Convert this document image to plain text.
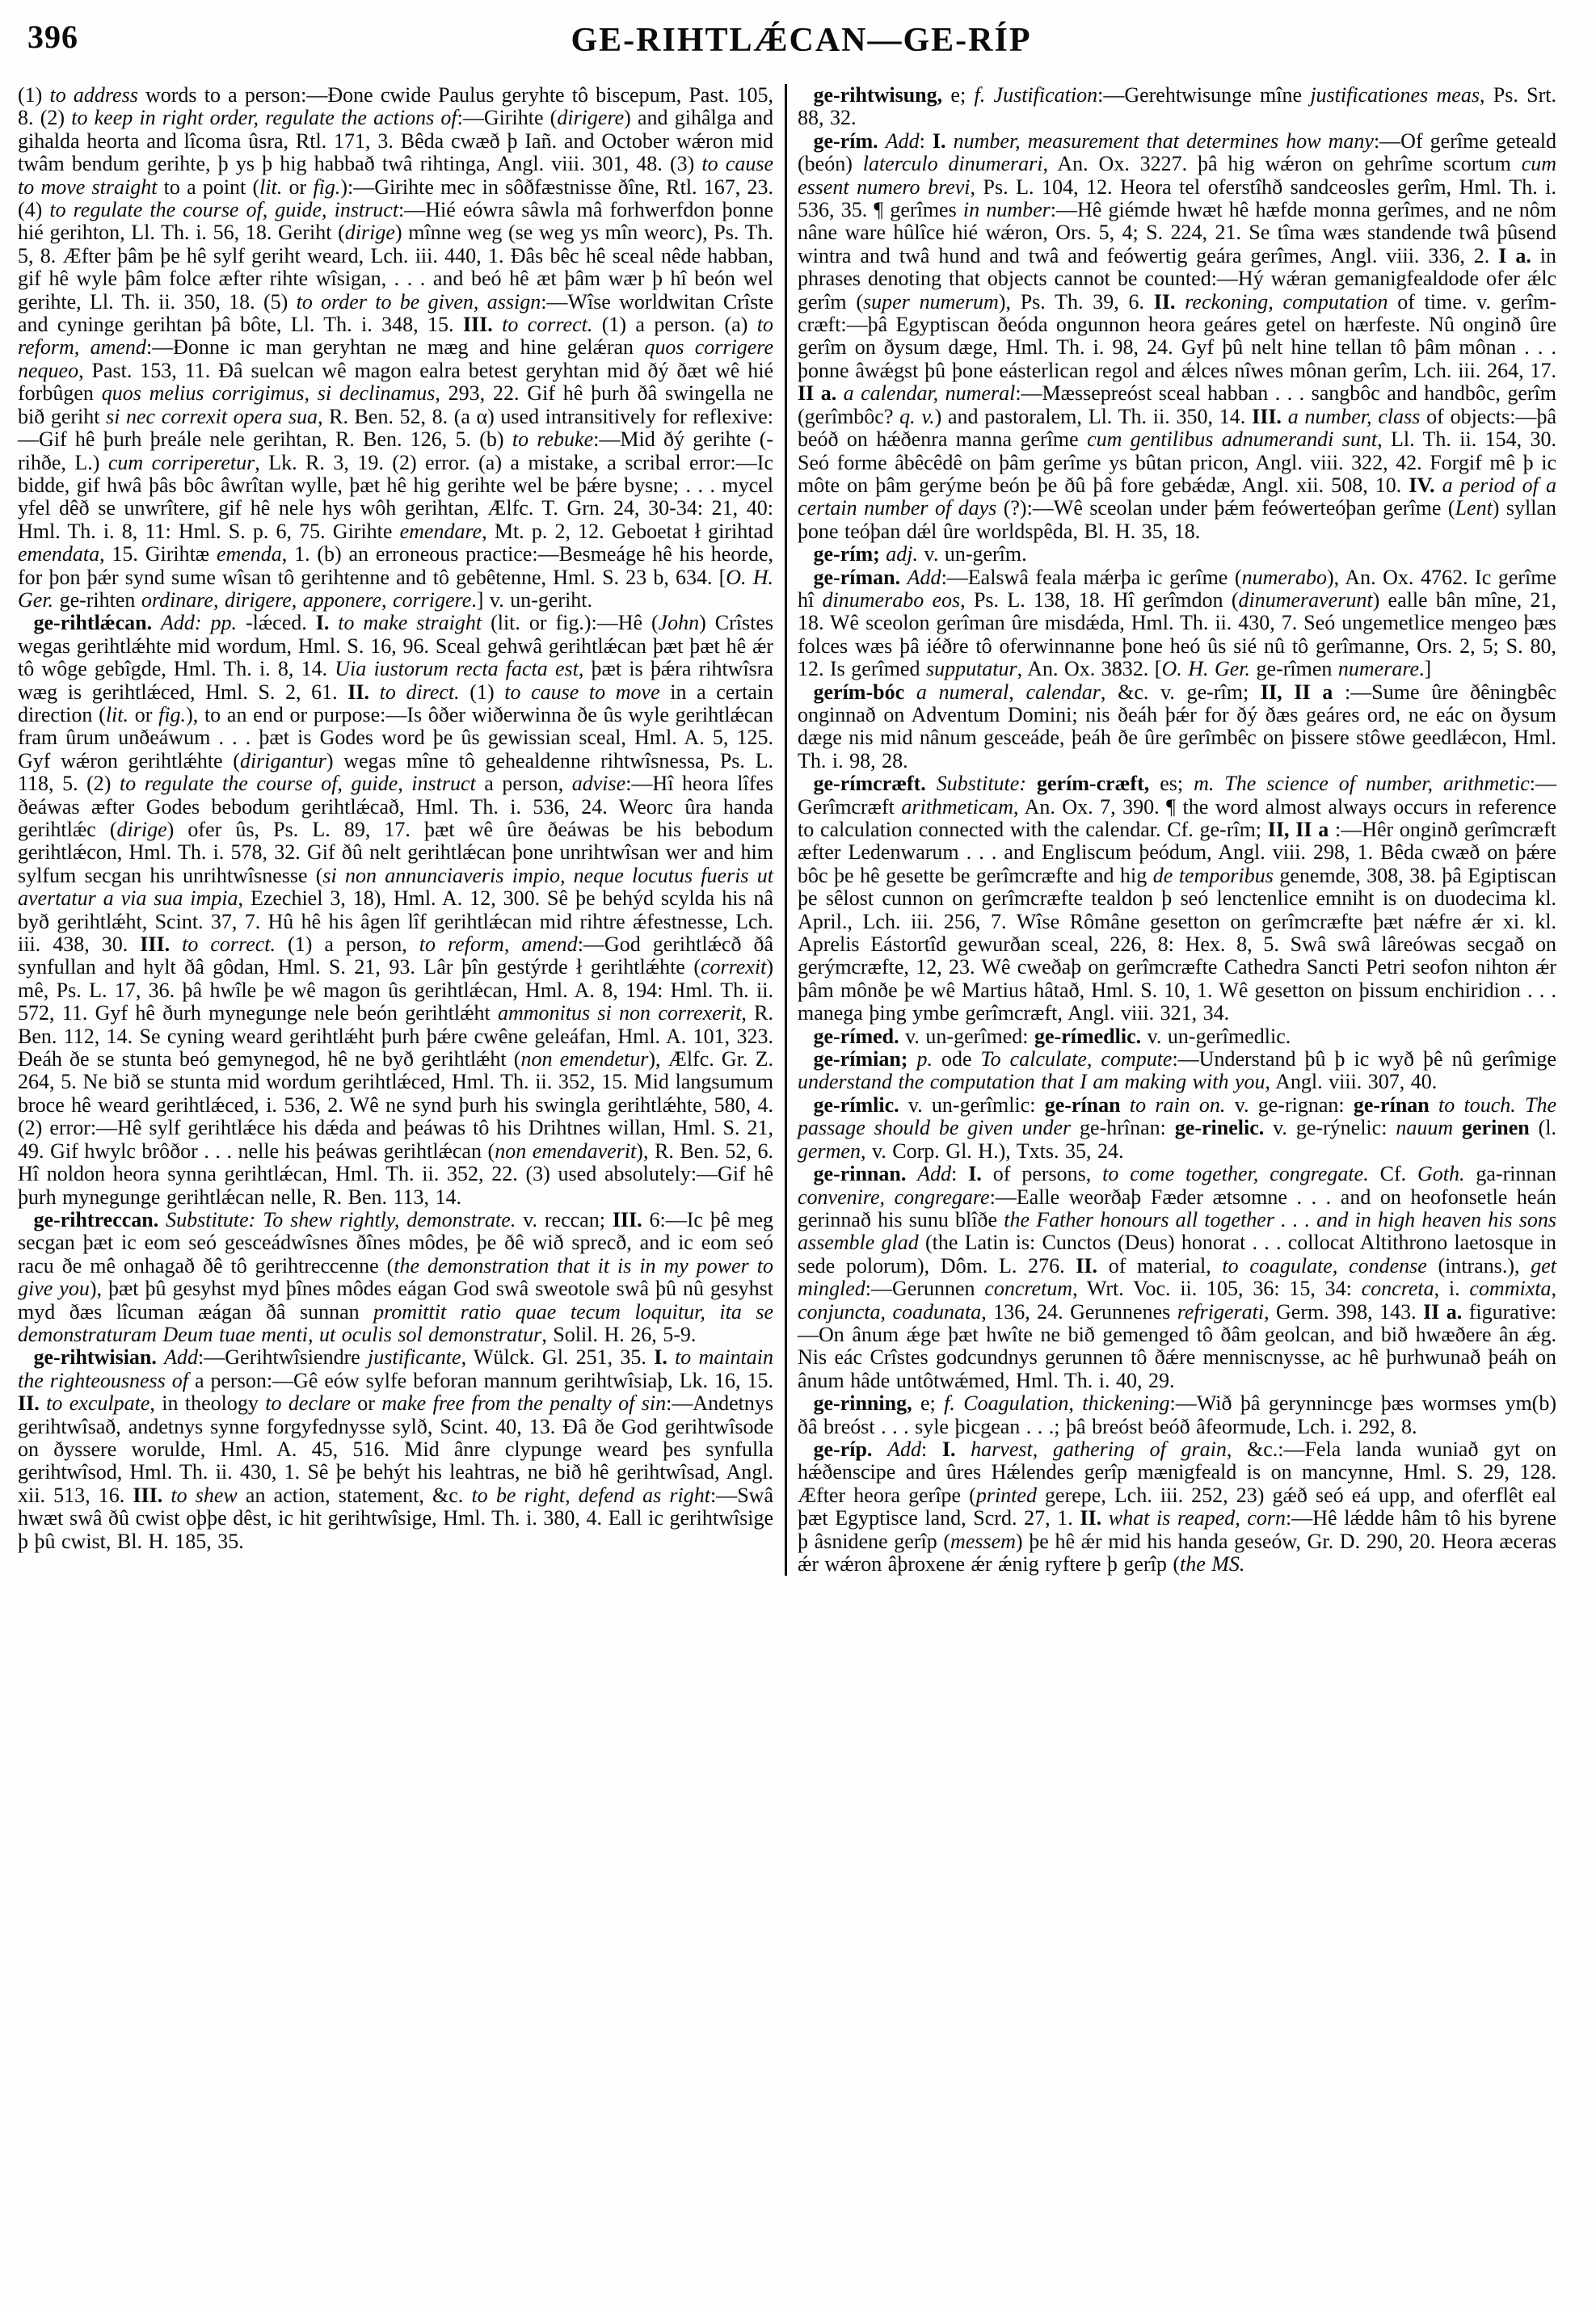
396	GE-RIHTLǼCAN—GE-RÍP

(1) to address words to a person:—Ðone cwide Paulus geryhte tô biscepum, Past. 105, 8. (2) to keep in right order, regulate the actions of:—Girihte (dirigere) and gihâlga and gihalda heorta and lîcoma ûsra, Rtl. 171, 3. Bêda cwæð þ Iañ. and October wǽron mid twâm bendum gerihte, þ ys þ hig habbað twâ rihtinga, Angl. viii. 301, 48. (3) to cause to move straight to a point (lit. or fig.):—Girihte mec in sôðfæstnisse ðîne, Rtl. 167, 23. (4) to regulate the course of, guide, instruct:—Hié eówra sâwla mâ forhwerfdon þonne hié gerihton, Ll. Th. i. 56, 18. Geriht (dirige) mînne weg (se weg ys mîn weorc), Ps. Th. 5, 8. Æfter þâm þe hê sylf geriht weard, Lch. iii. 440, 1. Ðâs bêc hê sceal nêde habban, gif hê wyle þâm folce æfter rihte wîsigan, . . . and beó hê æt þâm wær þ hî beón wel gerihte, Ll. Th. ii. 350, 18. (5) to order to be given, assign:—Wîse worldwitan Crîste and cyninge gerihtan þâ bôte, Ll. Th. i. 348, 15. III. to correct. (1) a person. (a) to reform, amend:—Ðonne ic man geryhtan ne mæg and hine gelǽran quos corrigere nequeo, Past. 153, 11. Ðâ suelcan wê magon ealra betest geryhtan mid ðý ðæt wê hié forbûgen quos melius corrigimus, si declinamus, 293, 22. Gif hê þurh ðâ swingella ne bið geriht si nec correxit opera sua, R. Ben. 52, 8. (a α) used intransitively for reflexive:—Gif hê þurh þreále nele gerihtan, R. Ben. 126, 5. (b) to rebuke:—Mid ðý gerihte (-rihðe, L.) cum corriperetur, Lk. R. 3, 19. (2) error. (a) a mistake, a scribal error:—Ic bidde, gif hwâ þâs bôc âwrîtan wylle, þæt hê hig gerihte wel be þǽre bysne; . . . mycel yfel dêð se unwrîtere, gif hê nele hys wôh gerihtan, Ælfc. T. Grn. 24, 30-34: 21, 40: Hml. Th. i. 8, 11: Hml. S. p. 6, 75. Girihte emendare, Mt. p. 2, 12. Geboetat ł girihtad emendata, 15. Girihtæ emenda, 1. (b) an erroneous practice:—Besmeáge hê his heorde, for þon þǽr synd sume wîsan tô gerihtenne and tô gebêtenne, Hml. S. 23 b, 634. [O. H. Ger. ge-rihten ordinare, dirigere, apponere, corrigere.] v. un-geriht.

ge-rihtlǽcan. Add: pp. -lǽced. I. to make straight (lit. or fig.):—Hê (John) Crîstes wegas gerihtlǽhte mid wordum, Hml. S. 16, 96. Sceal gehwâ gerihtlǽcan þæt þæt hê ǽr tô wôge gebîgde, Hml. Th. i. 8, 14. Uia iustorum recta facta est, þæt is þǽra rihtwîsra wæg is gerihtlǽced, Hml. S. 2, 61. II. to direct. (1) to cause to move in a certain direction (lit. or fig.), to an end or purpose:—Is ôðer wiðerwinna ðe ûs wyle gerihtlǽcan fram ûrum unðeáwum . . . þæt is Godes word þe ûs gewissian sceal, Hml. A. 5, 125. Gyf wǽron gerihtlǽhte (dirigantur) wegas mîne tô gehealdenne rihtwîsnessa, Ps. L. 118, 5. (2) to regulate the course of, guide, instruct a person, advise:—Hî heora lîfes ðeáwas æfter Godes bebodum gerihtlǽcað, Hml. Th. i. 536, 24. Weorc ûra handa gerihtlǽc (dirige) ofer ûs, Ps. L. 89, 17. þæt wê ûre ðeáwas be his bebodum gerihtlǽcon, Hml. Th. i. 578, 32. Gif ðû nelt gerihtlǽcan þone unrihtwîsan wer and him sylfum secgan his unrihtwîsnesse (si non annunciaveris impio, neque locutus fueris ut avertatur a via sua impia, Ezechiel 3, 18), Hml. A. 12, 300. Sê þe behýd scylda his nâ byð gerihtlǽht, Scint. 37, 7. Hû hê his âgen lîf gerihtlǽcan mid rihtre ǽfestnesse, Lch. iii. 438, 30. III. to correct. (1) a person, to reform, amend:—God gerihtlǽcð ðâ synfullan and hylt ðâ gôdan, Hml. S. 21, 93. Lâr þîn gestýrde ł gerihtlǽhte (correxit) mê, Ps. L. 17, 36. þâ hwîle þe wê magon ûs gerihtlǽcan, Hml. A. 8, 194: Hml. Th. ii. 572, 11. Gyf hê ðurh mynegunge nele beón gerihtlǽht ammonitus si non correxerit, R. Ben. 112, 14. Se cyning weard gerihtlǽht þurh þǽre cwêne geleáfan, Hml. A. 101, 323. Ðeáh ðe se stunta beó gemynegod, hê ne byð gerihtlǽht (non emendetur), Ælfc. Gr. Z. 264, 5. Ne bið se stunta mid wordum gerihtlǽced, Hml. Th. ii. 352, 15. Mid langsumum broce hê weard gerihtlǽced, i. 536, 2. Wê ne synd þurh his swingla gerihtlǽhte, 580, 4. (2) error:—Hê sylf gerihtlǽce his dǽda and þeáwas tô his Drihtnes willan, Hml. S. 21, 49. Gif hwylc brôðor . . . nelle his þeáwas gerihtlǽcan (non emendaverit), R. Ben. 52, 6. Hî noldon heora synna gerihtlǽcan, Hml. Th. ii. 352, 22. (3) used absolutely:—Gif hê þurh mynegunge gerihtlǽcan nelle, R. Ben. 113, 14.

ge-rihtreccan. Substitute: To shew rightly, demonstrate. v. reccan; III. 6:—Ic þê meg secgan þæt ic eom seó gesceádwîsnes ðînes môdes, þe ðê wið sprecð, and ic eom seó racu ðe mê onhagað ðê tô gerihtreccenne (the demonstration that it is in my power to give you), þæt þû gesyhst myd þînes môdes eágan God swâ sweotole swâ þû nû gesyhst myd ðæs lîcuman æágan ðâ sunnan promittit ratio quae tecum loquitur, ita se demonstraturam Deum tuae menti, ut oculis sol demonstratur, Solil. H. 26, 5-9.

ge-rihtwisian. Add:—Gerihtwîsiendre justificante, Wülck. Gl. 251, 35. I. to maintain the righteousness of a person:—Gê eów sylfe beforan mannum gerihtwîsiaþ, Lk. 16, 15. II. to exculpate, in theology to declare or make free from the penalty of sin:—Andetnys gerihtwîsað, andetnys synne forgyfednysse sylð, Scint. 40, 13. Ðâ ðe God gerihtwîsode on ðyssere worulde, Hml. A. 45, 516. Mid ânre clypunge weard þes synfulla gerihtwîsod, Hml. Th. ii. 430, 1. Sê þe behýt his leahtras, ne bið hê gerihtwîsad, Angl. xii. 513, 16. III. to shew an action, statement, &c. to be right, defend as right:—Swâ hwæt swâ ðû cwist oþþe dêst, ic hit gerihtwîsige, Hml. Th. i. 380, 4. Eall ic gerihtwîsige þ þû cwist, Bl. H. 185, 35.

ge-rihtwisung, e; f. Justification:—Gerehtwisunge mîne justificationes meas, Ps. Srt. 88, 32.

ge-rím. Add: I. number, measurement that determines how many:—Of gerîme geteald (beón) laterculo dinumerari, An. Ox. 3227. þâ hig wǽron on gehrîme scortum cum essent numero brevi, Ps. L. 104, 12. Heora tel oferstîhð sandceosles gerîm, Hml. Th. i. 536, 35. ¶ gerîmes in number:—Hê giémde hwæt hê hæfde monna gerîmes, and ne nôm nâne ware hûlîce hié wǽron, Ors. 5, 4; S. 224, 21. Se tîma wæs standende twâ þûsend wintra and twâ hund and twâ and feówertig geára gerîmes, Angl. viii. 336, 2. I a. in phrases denoting that objects cannot be counted:—Hý wǽran gemanigfealdode ofer ǽlc gerîm (super numerum), Ps. Th. 39, 6. II. reckoning, computation of time. v. gerîm-cræft:—þâ Egyptiscan ðeóda ongunnon heora geáres getel on hærfeste. Nû onginð ûre gerîm on ðysum dæge, Hml. Th. i. 98, 24. Gyf þû nelt hine tellan tô þâm mônan . . . þonne âwǽgst þû þone eásterlican regol and ǽlces nîwes mônan gerîm, Lch. iii. 264, 17. II a. a calendar, numeral:—Mæssepreóst sceal habban . . . sangbôc and handbôc, gerîm (gerîmbôc? q. v.) and pastoralem, Ll. Th. ii. 350, 14. III. a number, class of objects:—þâ beóð on hǽðenra manna gerîme cum gentilibus adnumerandi sunt, Ll. Th. ii. 154, 30. Seó forme âbêcêdê on þâm gerîme ys bûtan pricon, Angl. viii. 322, 42. Forgif mê þ ic môte on þâm gerýme beón þe ðû þâ fore gebǽdæ, Angl. xii. 508, 10. IV. a period of a certain number of days (?):—Wê sceolan under þǽm feówerteóþan gerîme (Lent) syllan þone teóþan dǽl ûre worldspêda, Bl. H. 35, 18.

ge-rím; adj. v. un-gerîm.

ge-ríman. Add:—Ealswâ feala mǽrþa ic gerîme (numerabo), An. Ox. 4762. Ic gerîme hî dinumerabo eos, Ps. L. 138, 18. Hî gerîmdon (dinumeraverunt) ealle bân mîne, 21, 18. Wê sceolon gerîman ûre misdǽda, Hml. Th. ii. 430, 7. Seó ungemetlice mengeo þæs folces wæs þâ iéðre tô oferwinnanne þone heó ûs sié nû tô gerîmanne, Ors. 2, 5; S. 80, 12. Is gerîmed supputatur, An. Ox. 3832. [O. H. Ger. ge-rîmen numerare.]

gerím-bóc a numeral, calendar, &c. v. ge-rîm; II, II a :—Sume ûre ðêningbêc onginnað on Adventum Domini; nis ðeáh þǽr for ðý ðæs geáres ord, ne eác on ðysum dæge nis mid nânum gesceáde, þeáh ðe ûre gerîmbêc on þissere stôwe geedlǽcon, Hml. Th. i. 98, 28.

ge-rímcræft. Substitute: gerím-cræft, es; m. The science of number, arithmetic:—Gerîmcræft arithmeticam, An. Ox. 7, 390. ¶ the word almost always occurs in reference to calculation connected with the calendar. Cf. ge-rîm; II, II a :—Hêr onginð gerîmcræft æfter Ledenwarum . . . and Engliscum þeódum, Angl. viii. 298, 1. Bêda cwæð on þǽre bôc þe hê gesette be gerîmcræfte and hig de temporibus genemde, 308, 38. þâ Egiptiscan þe sêlost cunnon on gerîmcræfte tealdon þ seó lenctenlice emniht is on duodecima kl. April., Lch. iii. 256, 7. Wîse Rômâne gesetton on gerîmcræfte þæt nǽfre ǽr xi. kl. Aprelis Eástortîd gewurðan sceal, 226, 8: Hex. 8, 5. Swâ swâ lâreówas secgað on gerýmcræfte, 12, 23. Wê cweðaþ on gerîmcræfte Cathedra Sancti Petri seofon nihton ǽr þâm mônðe þe wê Martius hâtað, Hml. S. 10, 1. Wê gesetton on þissum enchiridion . . . manega þing ymbe gerîmcræft, Angl. viii. 321, 34.

ge-rímed. v. un-gerîmed: ge-rímedlic. v. un-gerîmedlic.

ge-rímian; p. ode To calculate, compute:—Understand þû þ ic wyð þê nû gerîmige understand the computation that I am making with you, Angl. viii. 307, 40.

ge-rímlic. v. un-gerîmlic: ge-rínan to rain on. v. ge-rignan: ge-rínan to touch. The passage should be given under ge-hrînan: ge-rinelic. v. ge-rýnelic: nauum gerinen (l. germen, v. Corp. Gl. H.), Txts. 35, 24.

ge-rinnan. Add: I. of persons, to come together, congregate. Cf. Goth. ga-rinnan convenire, congregare:—Ealle weorðaþ Fæder ætsomne . . . and on heofonsetle heán gerinnað his sunu blîðe the Father honours all together . . . and in high heaven his sons assemble glad (the Latin is: Cunctos (Deus) honorat . . . collocat Altithrono laetosque in sede polorum), Dôm. L. 276. II. of material, to coagulate, condense (intrans.), get mingled:—Gerunnen concretum, Wrt. Voc. ii. 105, 36: 15, 34: concreta, i. commixta, conjuncta, coadunata, 136, 24. Gerunnenes refrigerati, Germ. 398, 143. II a. figurative:—On ânum ǽge þæt hwîte ne bið gemenged tô ðâm geolcan, and bið hwæðere ân ǽg. Nis eác Crîstes godcundnys gerunnen tô ðǽre menniscnysse, ac hê þurhwunað þeáh on ânum hâde untôtwǽmed, Hml. Th. i. 40, 29.

ge-rinning, e; f. Coagulation, thickening:—Wið þâ gerynnincge þæs wormses ym(b) ðâ breóst . . . syle þicgean . . .; þâ breóst beóð âfeormude, Lch. i. 292, 8.

ge-ríp. Add: I. harvest, gathering of grain, &c.:—Fela landa wuniað gyt on hǽðenscipe and ûres Hǽlendes gerîp mænigfeald is on mancynne, Hml. S. 29, 128. Æfter heora gerîpe (printed gerepe, Lch. iii. 252, 23) gǽð seó eá upp, and oferflêt eal þæt Egyptisce land, Scrd. 27, 1. II. what is reaped, corn:—Hê lǽdde hâm tô his byrene þ âsnidene gerîp (messem) þe hê ǽr mid his handa geseów, Gr. D. 290, 20. Heora æceras ǽr wǽron âþroxene ǽr ǽnig ryftere þ gerîp (the MS.
